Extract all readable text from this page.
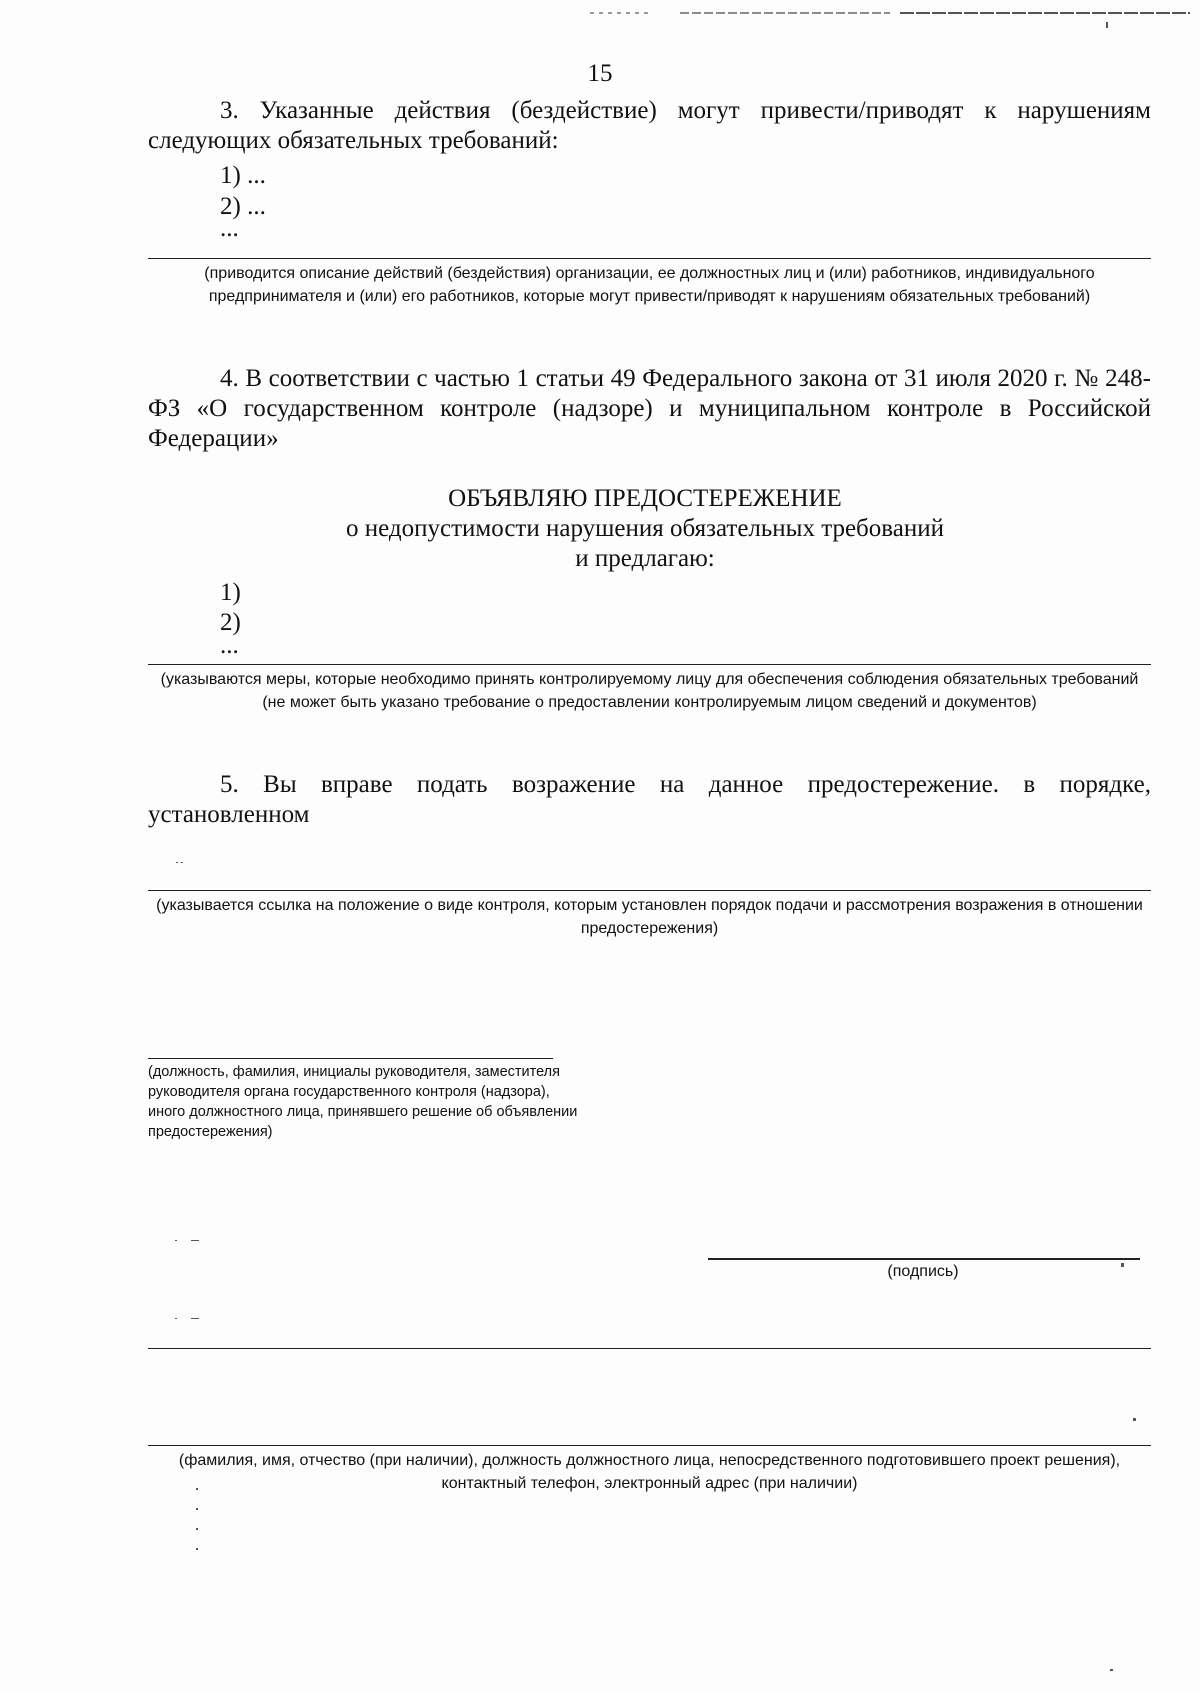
15
3. Указанные действия (бездействие) могут привести/приводят к нарушениям следующих обязательных требований:
1) ...
2) ...
...
(приводится описание действий (бездействия) организации, ее должностных лиц и (или) работников, индивидуального предпринимателя и (или) его работников, которые могут привести/приводят к нарушениям обязательных требований)
4. В соответствии с частью 1 статьи 49 Федерального закона от 31 июля 2020 г. № 248-ФЗ «О государственном контроле (надзоре) и муниципальном контроле в Российской Федерации»
ОБЪЯВЛЯЮ ПРЕДОСТЕРЕЖЕНИЕ
о недопустимости нарушения обязательных требований
и предлагаю:
1)
2)
...
(указываются меры, которые необходимо принять контролируемому лицу для обеспечения соблюдения обязательных требований (не может быть указано требование о предоставлении контролируемым лицом сведений и документов)
5. Вы вправе подать возражение на данное предостережение. в порядке, установленном
(указывается ссылка на положение о виде контроля, которым установлен порядок подачи и рассмотрения возражения в отношении предостережения)
(должность, фамилия, инициалы руководителя, заместителя руководителя органа государственного контроля (надзора), иного должностного лица, принявшего решение об объявлении предостережения)
(подпись)
(фамилия, имя, отчество (при наличии), должность должностного лица, непосредственного подготовившего проект решения), контактный телефон, электронный адрес (при наличии)
